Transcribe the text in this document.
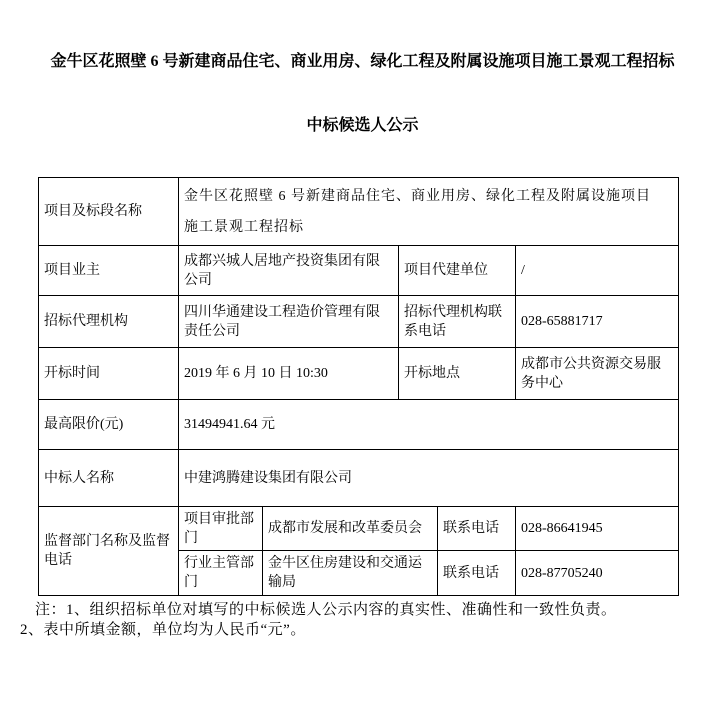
金牛区花照壁 6 号新建商品住宅、商业用房、绿化工程及附属设施项目施工景观工程招标
中标候选人公示
项目及标段名称	金牛区花照壁 6 号新建商品住宅、商业用房、绿化工程及附属设施项目
施工景观工程招标				

项目业主	成都兴城人居地产投资集团有限公司		项目代建单位		/
招标代理机构	四川华通建设工程造价管理有限责任公司		招标代理机构联系电话		028-65881717
开标时间	2019 年 6 月 10 日 10:30		开标地点		成都市公共资源交易服务中心
最高限价(元)	31494941.64 元				
中标人名称	中建鸿腾建设集团有限公司				
监督部门名称及监督电话	项目审批部门	成都市发展和改革委员会		联系电话	028-86641945
	行业主管部门	金牛区住房建设和交通运输局		联系电话	028-87705240

注：1、组织招标单位对填写的中标候选人公示内容的真实性、准确性和一致性负责。

2、表中所填金额，单位均为人民币“元”。
